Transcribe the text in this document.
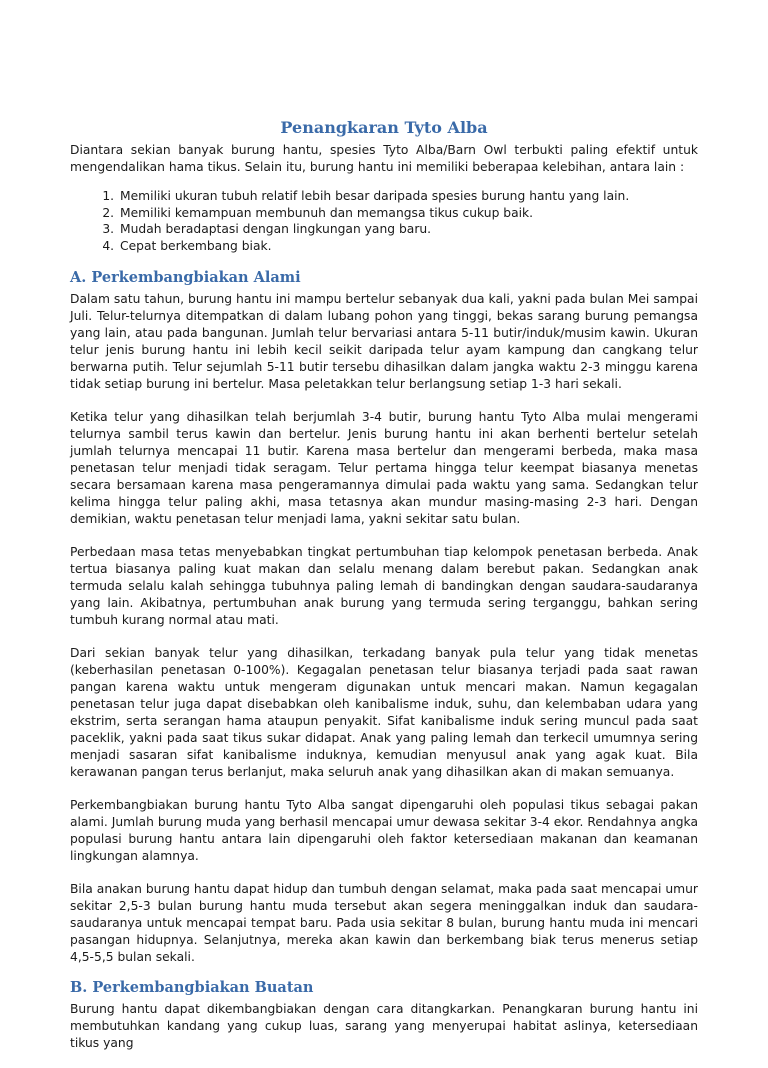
Penangkaran Tyto Alba

Diantara sekian banyak burung hantu, spesies Tyto Alba/Barn Owl terbukti paling efektif untuk mengendalikan hama tikus. Selain itu, burung hantu ini memiliki beberapaa kelebihan, antara lain :

1. Memiliki ukuran tubuh relatif lebih besar daripada spesies burung hantu yang lain.
2. Memiliki kemampuan membunuh dan memangsa tikus cukup baik.
3. Mudah beradaptasi dengan lingkungan yang baru.
4. Cepat berkembang biak.
A. Perkembangbiakan Alami

Dalam satu tahun, burung hantu ini mampu bertelur sebanyak dua kali, yakni pada bulan Mei sampai Juli. Telur-telurnya ditempatkan di dalam lubang pohon yang tinggi, bekas sarang burung pemangsa yang lain, atau pada bangunan. Jumlah telur bervariasi antara 5-11 butir/induk/musim kawin. Ukuran telur jenis burung hantu ini lebih kecil seikit daripada telur ayam kampung dan cangkang telur berwarna putih. Telur sejumlah 5-11 butir tersebu dihasilkan dalam jangka waktu 2-3 minggu karena tidak setiap burung ini bertelur. Masa peletakkan telur berlangsung setiap 1-3 hari sekali.

Ketika telur yang dihasilkan telah berjumlah 3-4 butir, burung hantu Tyto Alba mulai mengerami telurnya sambil terus kawin dan bertelur. Jenis burung hantu ini akan berhenti bertelur setelah jumlah telurnya mencapai 11 butir. Karena masa bertelur dan mengerami berbeda, maka masa penetasan telur menjadi tidak seragam. Telur pertama hingga telur keempat biasanya menetas secara bersamaan karena masa pengeramannya dimulai pada waktu yang sama. Sedangkan telur kelima hingga telur paling akhi, masa tetasnya akan mundur masing-masing 2-3 hari. Dengan demikian, waktu penetasan telur menjadi lama, yakni sekitar satu bulan.

Perbedaan masa tetas menyebabkan tingkat pertumbuhan tiap kelompok penetasan berbeda. Anak tertua biasanya paling kuat makan dan selalu menang dalam berebut pakan. Sedangkan anak termuda selalu kalah sehingga tubuhnya paling lemah di bandingkan dengan saudara-saudaranya yang lain. Akibatnya, pertumbuhan anak burung yang termuda sering terganggu, bahkan sering tumbuh kurang normal atau mati.

Dari sekian banyak telur yang dihasilkan, terkadang banyak pula telur yang tidak menetas (keberhasilan penetasan 0-100%). Kegagalan penetasan telur biasanya terjadi pada saat rawan pangan karena waktu untuk mengeram digunakan untuk mencari makan. Namun kegagalan penetasan telur juga dapat disebabkan oleh kanibalisme induk, suhu, dan kelembaban udara yang ekstrim, serta serangan hama ataupun penyakit. Sifat kanibalisme induk sering muncul pada saat paceklik, yakni pada saat tikus sukar didapat. Anak yang paling lemah dan terkecil umumnya sering menjadi sasaran sifat kanibalisme induknya, kemudian menyusul anak yang agak kuat. Bila kerawanan pangan terus berlanjut, maka seluruh anak yang dihasilkan akan di makan semuanya.

Perkembangbiakan burung hantu Tyto Alba sangat dipengaruhi oleh populasi tikus sebagai pakan alami. Jumlah burung muda yang berhasil mencapai umur dewasa sekitar 3-4 ekor. Rendahnya angka populasi burung hantu antara lain dipengaruhi oleh faktor ketersediaan makanan dan keamanan lingkungan alamnya.

Bila anakan burung hantu dapat hidup dan tumbuh dengan selamat, maka pada saat mencapai umur sekitar 2,5-3 bulan burung hantu muda tersebut akan segera meninggalkan induk dan saudara-saudaranya untuk mencapai tempat baru. Pada usia sekitar 8 bulan, burung hantu muda ini mencari pasangan hidupnya. Selanjutnya, mereka akan kawin dan berkembang biak terus menerus setiap 4,5-5,5 bulan sekali.

B. Perkembangbiakan Buatan

Burung hantu dapat dikembangbiakan dengan cara ditangkarkan. Penangkaran burung hantu ini membutuhkan kandang yang cukup luas, sarang yang menyerupai habitat aslinya, ketersediaan tikus yang
